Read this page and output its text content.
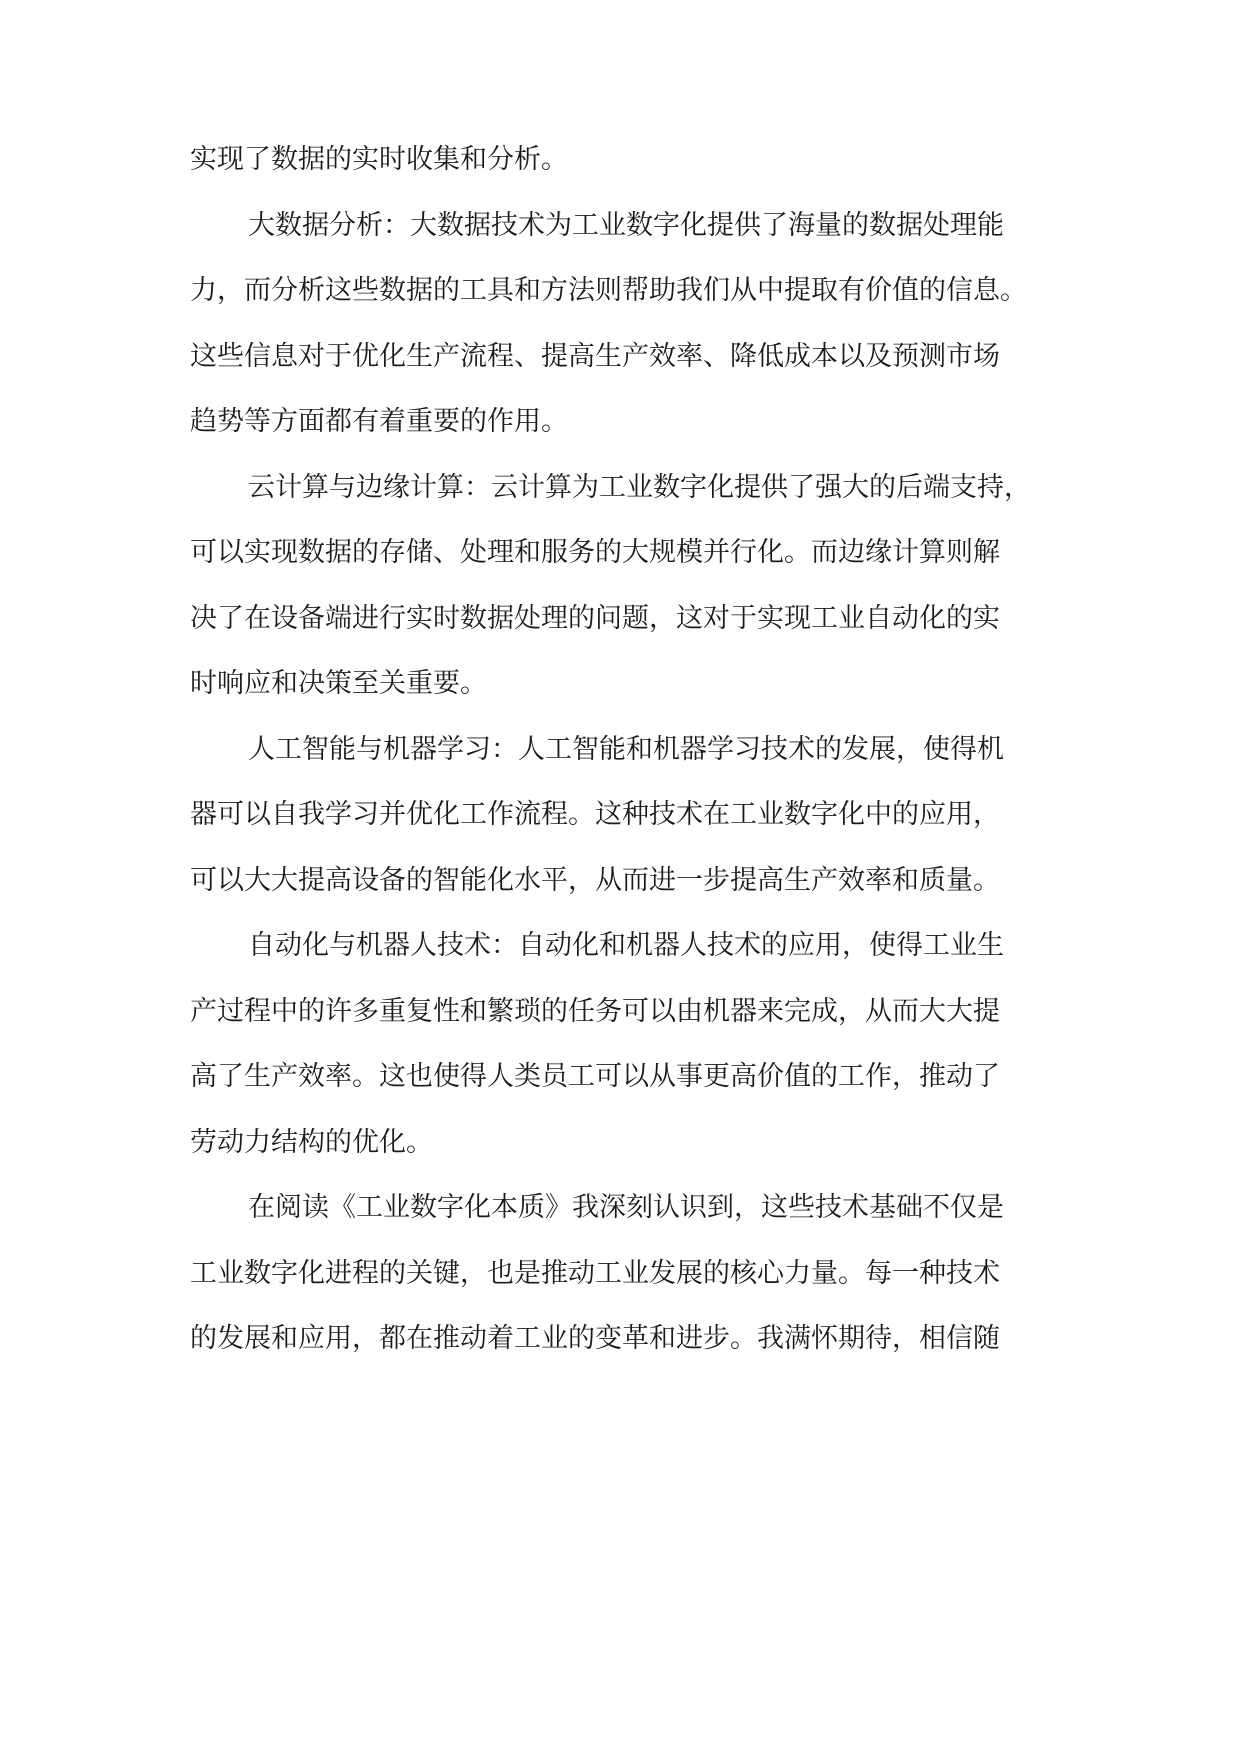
实现了数据的实时收集和分析。
大数据分析：大数据技术为工业数字化提供了海量的数据处理能
力，而分析这些数据的工具和方法则帮助我们从中提取有价值的信息。
这些信息对于优化生产流程、提高生产效率、降低成本以及预测市场
趋势等方面都有着重要的作用。
云计算与边缘计算：云计算为工业数字化提供了强大的后端支持，
可以实现数据的存储、处理和服务的大规模并行化。而边缘计算则解
决了在设备端进行实时数据处理的问题，这对于实现工业自动化的实
时响应和决策至关重要。
人工智能与机器学习：人工智能和机器学习技术的发展，使得机
器可以自我学习并优化工作流程。这种技术在工业数字化中的应用，
可以大大提高设备的智能化水平，从而进一步提高生产效率和质量。
自动化与机器人技术：自动化和机器人技术的应用，使得工业生
产过程中的许多重复性和繁琐的任务可以由机器来完成，从而大大提
高了生产效率。这也使得人类员工可以从事更高价值的工作，推动了
劳动力结构的优化。
在阅读《工业数字化本质》我深刻认识到，这些技术基础不仅是
工业数字化进程的关键，也是推动工业发展的核心力量。每一种技术
的发展和应用，都在推动着工业的变革和进步。我满怀期待，相信随
